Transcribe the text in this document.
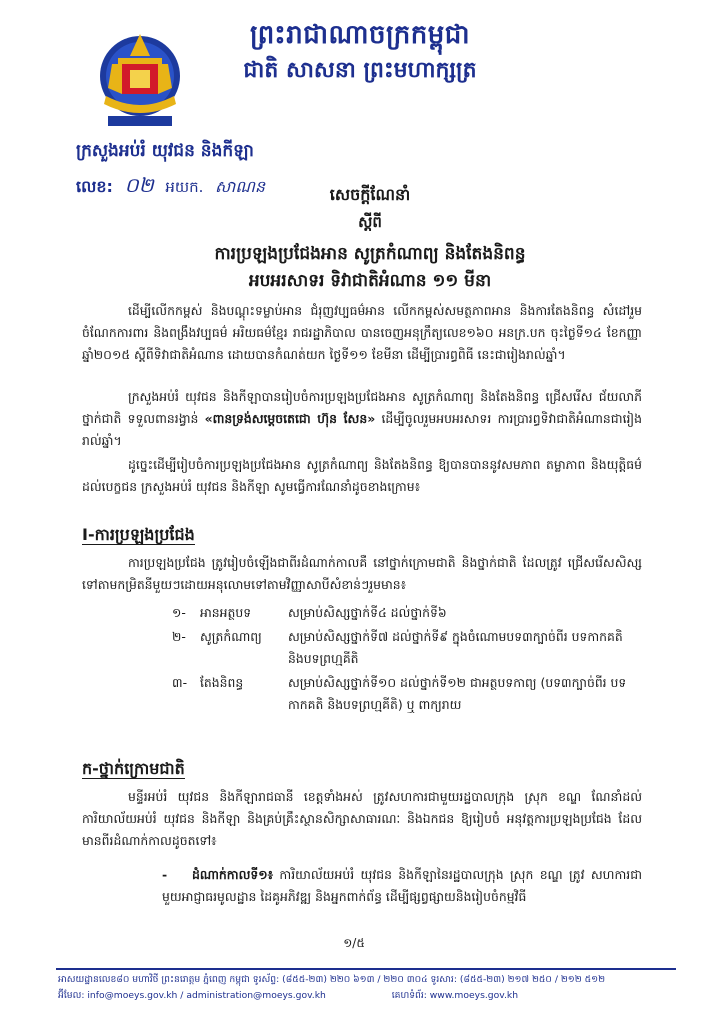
ព្រះរាជាណាចក្រកម្ពុជា
ជាតិ សាសនា ព្រះមហាក្សត្រ
ក្រសួងអប់រំ យុវជន និងកីឡា
លេខ: ០២ អយក. សាណន	សេចក្តីណែនាំ
ស្តីពី
ការប្រឡងប្រជែងអាន សូត្រកំណាព្យ និងតែងនិពន្ធ
អបអរសាទរ ទិវាជាតិអំណាន ១១ មីនា
ដើម្បីលើកកម្ពស់ និងបណ្តុះទម្លាប់អាន ជំរុញវប្បធម៌អាន លើកកម្ពស់សមត្ថភាពអាន និងការតែងនិពន្ធ សំដៅរួមចំណែកការពារ និងពង្រឹងវប្បធម៌ អរិយធម៌ខ្មែរ រាជរដ្ឋាភិបាល បានចេញអនុក្រឹត្យលេខ១៦០ អនក្រ.បក ចុះថ្ងៃទី១៤ ខែកញ្ញា ឆ្នាំ២០១៥ ស្តីពីទិវាជាតិអំណាន ដោយបានកំណត់យក ថ្ងៃទី១១ ខែមីនា ដើម្បីប្រារព្ធពិធី នេះជារៀងរាល់ឆ្នាំ។
ក្រសួងអប់រំ យុវជន និងកីឡាបានរៀបចំការប្រឡងប្រជែងអាន សូត្រកំណាព្យ និងតែងនិពន្ធ ជ្រើសរើស ជ័យលាភីថ្នាក់ជាតិ ទទួលពានរង្វាន់ «ពានទ្រង់សម្តេចតេជោ ហ៊ុន សែន» ដើម្បីចូលរួមអបអរសាទរ ការប្រារព្ធទិវាជាតិអំណានជារៀងរាល់ឆ្នាំ។
ដូច្នេះដើម្បីរៀបចំការប្រឡងប្រជែងអាន សូត្រកំណាព្យ និងតែងនិពន្ធ ឱ្យបានបាននូវសមភាព តម្លាភាព និងយុត្តិធម៌ដល់បេក្ខជន ក្រសួងអប់រំ យុវជន និងកីឡា សូមធ្វើការណែនាំដូចខាងក្រោម៖
I-ការប្រឡងប្រជែង
ការប្រឡងប្រជែង ត្រូវរៀបចំឡើងជាពីរដំណាក់កាលគឺ នៅថ្នាក់ក្រោមជាតិ និងថ្នាក់ជាតិ ដែលត្រូវ ជ្រើសរើសសិស្សទៅតាមកម្រិតនីមួយៗដោយអនុលោមទៅតាមវិញ្ញាសាបីសំខាន់ៗរួមមាន៖
១-	អានអត្ថបទ	សម្រាប់សិស្សថ្នាក់ទី៤ ដល់ថ្នាក់ទី៦
២-	សូត្រកំណាព្យ	សម្រាប់សិស្សថ្នាក់ទី៧ ដល់ថ្នាក់ទី៩ ក្នុងចំណោមបទ៣ក្បាច់ពីរ បទកាកគតិ និងបទព្រហ្មគីតិ
៣-	តែងនិពន្ធ	សម្រាប់សិស្សថ្នាក់ទី១០ ដល់ថ្នាក់ទី១២ ជាអត្ថបទកាព្យ (បទ៣ក្បាច់ពីរ បទកាកគតិ និងបទព្រហ្មគីតិ) ឬ ពាក្យរាយ
ក-ថ្នាក់ក្រោមជាតិ
មន្ទីរអប់រំ យុវជន និងកីឡារាជធានី ខេត្តទាំងអស់ ត្រូវសហការជាមួយរដ្ឋបាលក្រុង ស្រុក ខណ្ឌ ណែនាំដល់ការិយាល័យអប់រំ យុវជន និងកីឡា និងគ្រប់គ្រឹះស្ថានសិក្សាសាធារណៈ និងឯកជន ឱ្យរៀបចំ អនុវត្តការប្រឡងប្រជែង ដែលមានពីរដំណាក់កាលដូចតទៅ៖
- ដំណាក់កាលទី១៖ ការិយាល័យអប់រំ យុវជន និងកីឡានៃរដ្ឋបាលក្រុង ស្រុក ខណ្ឌ ត្រូវ សហការជាមួយអាជ្ញាធរមូលដ្ឋាន ដៃគូអភិវឌ្ឍ និងអ្នកពាក់ព័ន្ធ ដើម្បីផ្សព្វផ្សាយនិងរៀបចំកម្មវិធី
១/៥
អាសយដ្ឋានលេខ៨០ មហាវិថី ព្រះនរោត្តម ភ្នំពេញ កម្ពុជា ទូរស័ព្ទ: (៨៥៥-២៣) ២២០ ៦១៣ / ២២០ ៣០៤ ទូរសារ: (៨៥៥-២៣) ២១៧ ២៥០ / ២១២ ៥១២
អ៊ីមែល: info@moeys.gov.kh / administration@moeys.gov.kh	គេហទំព័រ: www.moeys.gov.kh
